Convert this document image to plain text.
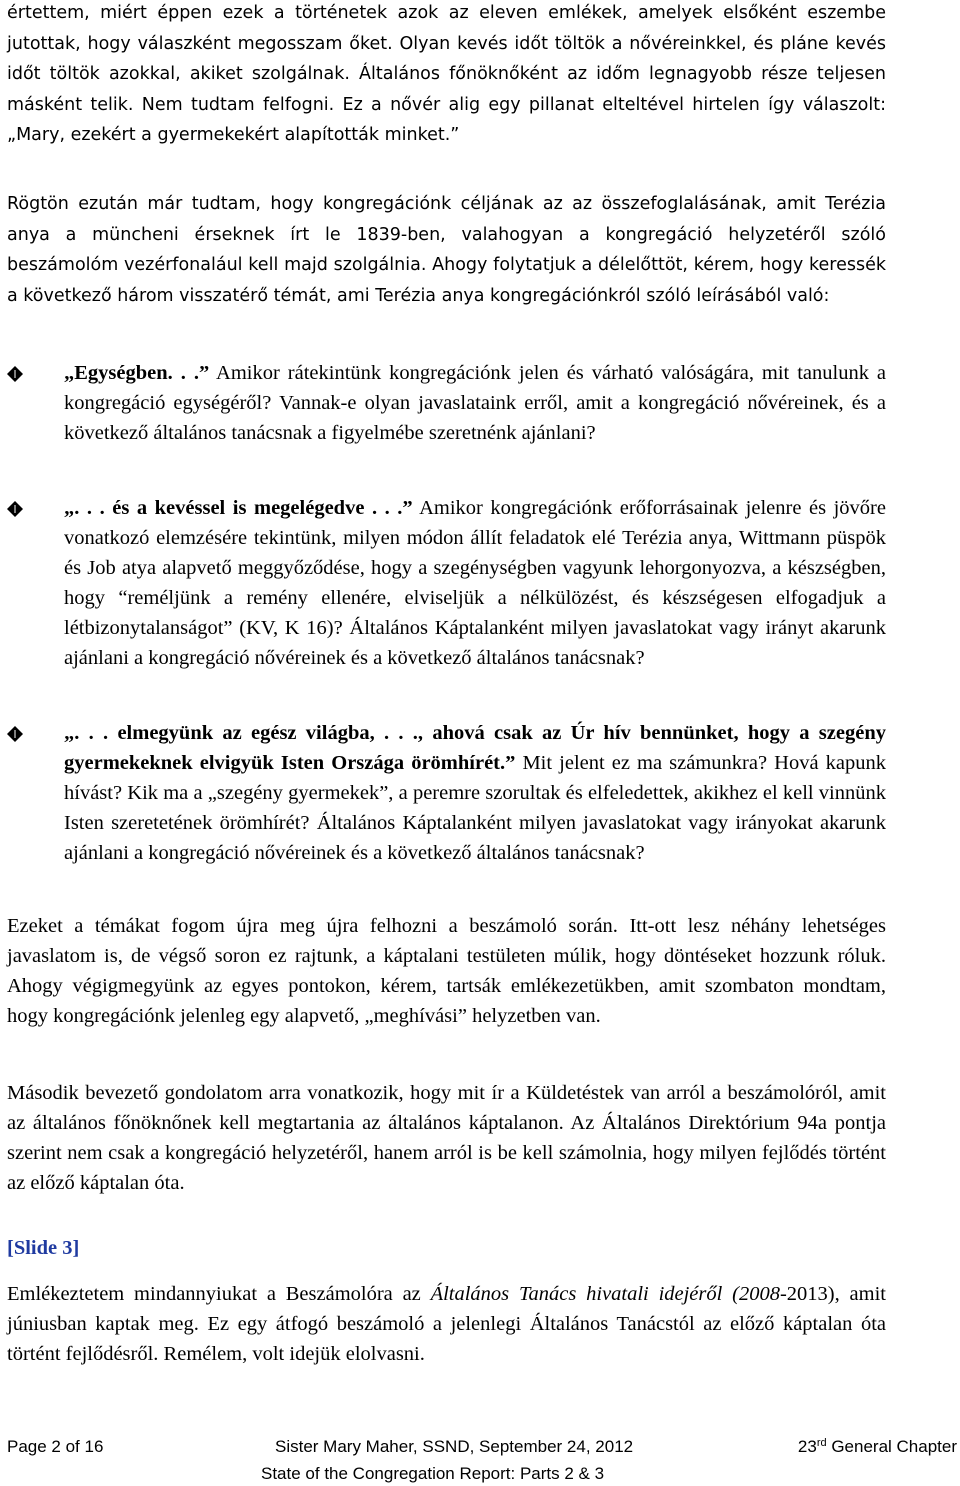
értettem, miért éppen ezek a történetek azok az eleven emlékek, amelyek elsőként eszembe jutottak, hogy válaszként megosszam őket. Olyan kevés időt töltök a nővéreinkkel, és pláne kevés időt töltök azokkal, akiket szolgálnak. Általános főnöknőként az időm legnagyobb része teljesen másként telik. Nem tudtam felfogni. Ez a nővér alig egy pillanat elteltével hirtelen így válaszolt: „Mary, ezekért a gyermekekért alapították minket.”

Rögtön ezután már tudtam, hogy kongregációnk céljának az az összefoglalásának, amit Terézia anya a müncheni érseknek írt le 1839-ben, valahogyan a kongregáció helyzetéről szóló beszámolóm vezérfonalául kell majd szolgálnia. Ahogy folytatjuk a délelőttöt, kérem, hogy keressék a következő három visszatérő témát, ami Terézia anya kongregációnkról szóló leírásából való:

„Egységben. . .” Amikor rátekintünk kongregációnk jelen és várható valóságára, mit tanulunk a kongregáció egységéről? Vannak-e olyan javaslataink erről, amit a kongregáció nővéreinek, és a következő általános tanácsnak a figyelmébe szeretnénk ajánlani?

„. . . és a kevéssel is megelégedve . . .” Amikor kongregációnk erőforrásainak jelenre és jövőre vonatkozó elemzésére tekintünk, milyen módon állít feladatok elé Terézia anya, Wittmann püspök és Job atya alapvető meggyőződése, hogy a szegénységben vagyunk lehorgonyozva, a készségben, hogy “reméljünk a remény ellenére, elviseljük a nélkülözést, és készségesen elfogadjuk a létbizonytalanságot” (KV, K 16)? Általános Káptalanként milyen javaslatokat vagy irányt akarunk ajánlani a kongregáció nővéreinek és a következő általános tanácsnak?

„. . . elmegyünk az egész világba, . . ., ahová csak az Úr hív bennünket, hogy a szegény gyermekeknek elvigyük Isten Országa örömhírét.” Mit jelent ez ma számunkra? Hová kapunk hívást? Kik ma a „szegény gyermekek”, a peremre szorultak és elfeledettek, akikhez el kell vinnünk Isten szeretetének örömhírét? Általános Káptalanként milyen javaslatokat vagy irányokat akarunk ajánlani a kongregáció nővéreinek és a következő általános tanácsnak?

Ezeket a témákat fogom újra meg újra felhozni a beszámoló során. Itt-ott lesz néhány lehetséges javaslatom is, de végső soron ez rajtunk, a káptalani testületen múlik, hogy döntéseket hozzunk róluk. Ahogy végigmegyünk az egyes pontokon, kérem, tartsák emlékezetükben, amit szombaton mondtam, hogy kongregációnk jelenleg egy alapvető, „meghívási” helyzetben van.

Második bevezető gondolatom arra vonatkozik, hogy mit ír a Küldetéstek van arról a beszámolóról, amit az általános főnöknőnek kell megtartania az általános káptalanon. Az Általános Direktórium 94a pontja szerint nem csak a kongregáció helyzetéről, hanem arról is be kell számolnia, hogy milyen fejlődés történt az előző káptalan óta.

[Slide 3]

Emlékeztetem mindannyiukat a Beszámolóra az Általános Tanács hivatali idejéről (2008-2013), amit júniusban kaptak meg. Ez egy átfogó beszámoló a jelenlegi Általános Tanácstól az előző káptalan óta történt fejlődésről. Remélem, volt idejük elolvasni.

Page 2 of 16	Sister Mary Maher, SSND, September 24, 2012	23rd General Chapter
State of the Congregation Report: Parts 2 & 3
